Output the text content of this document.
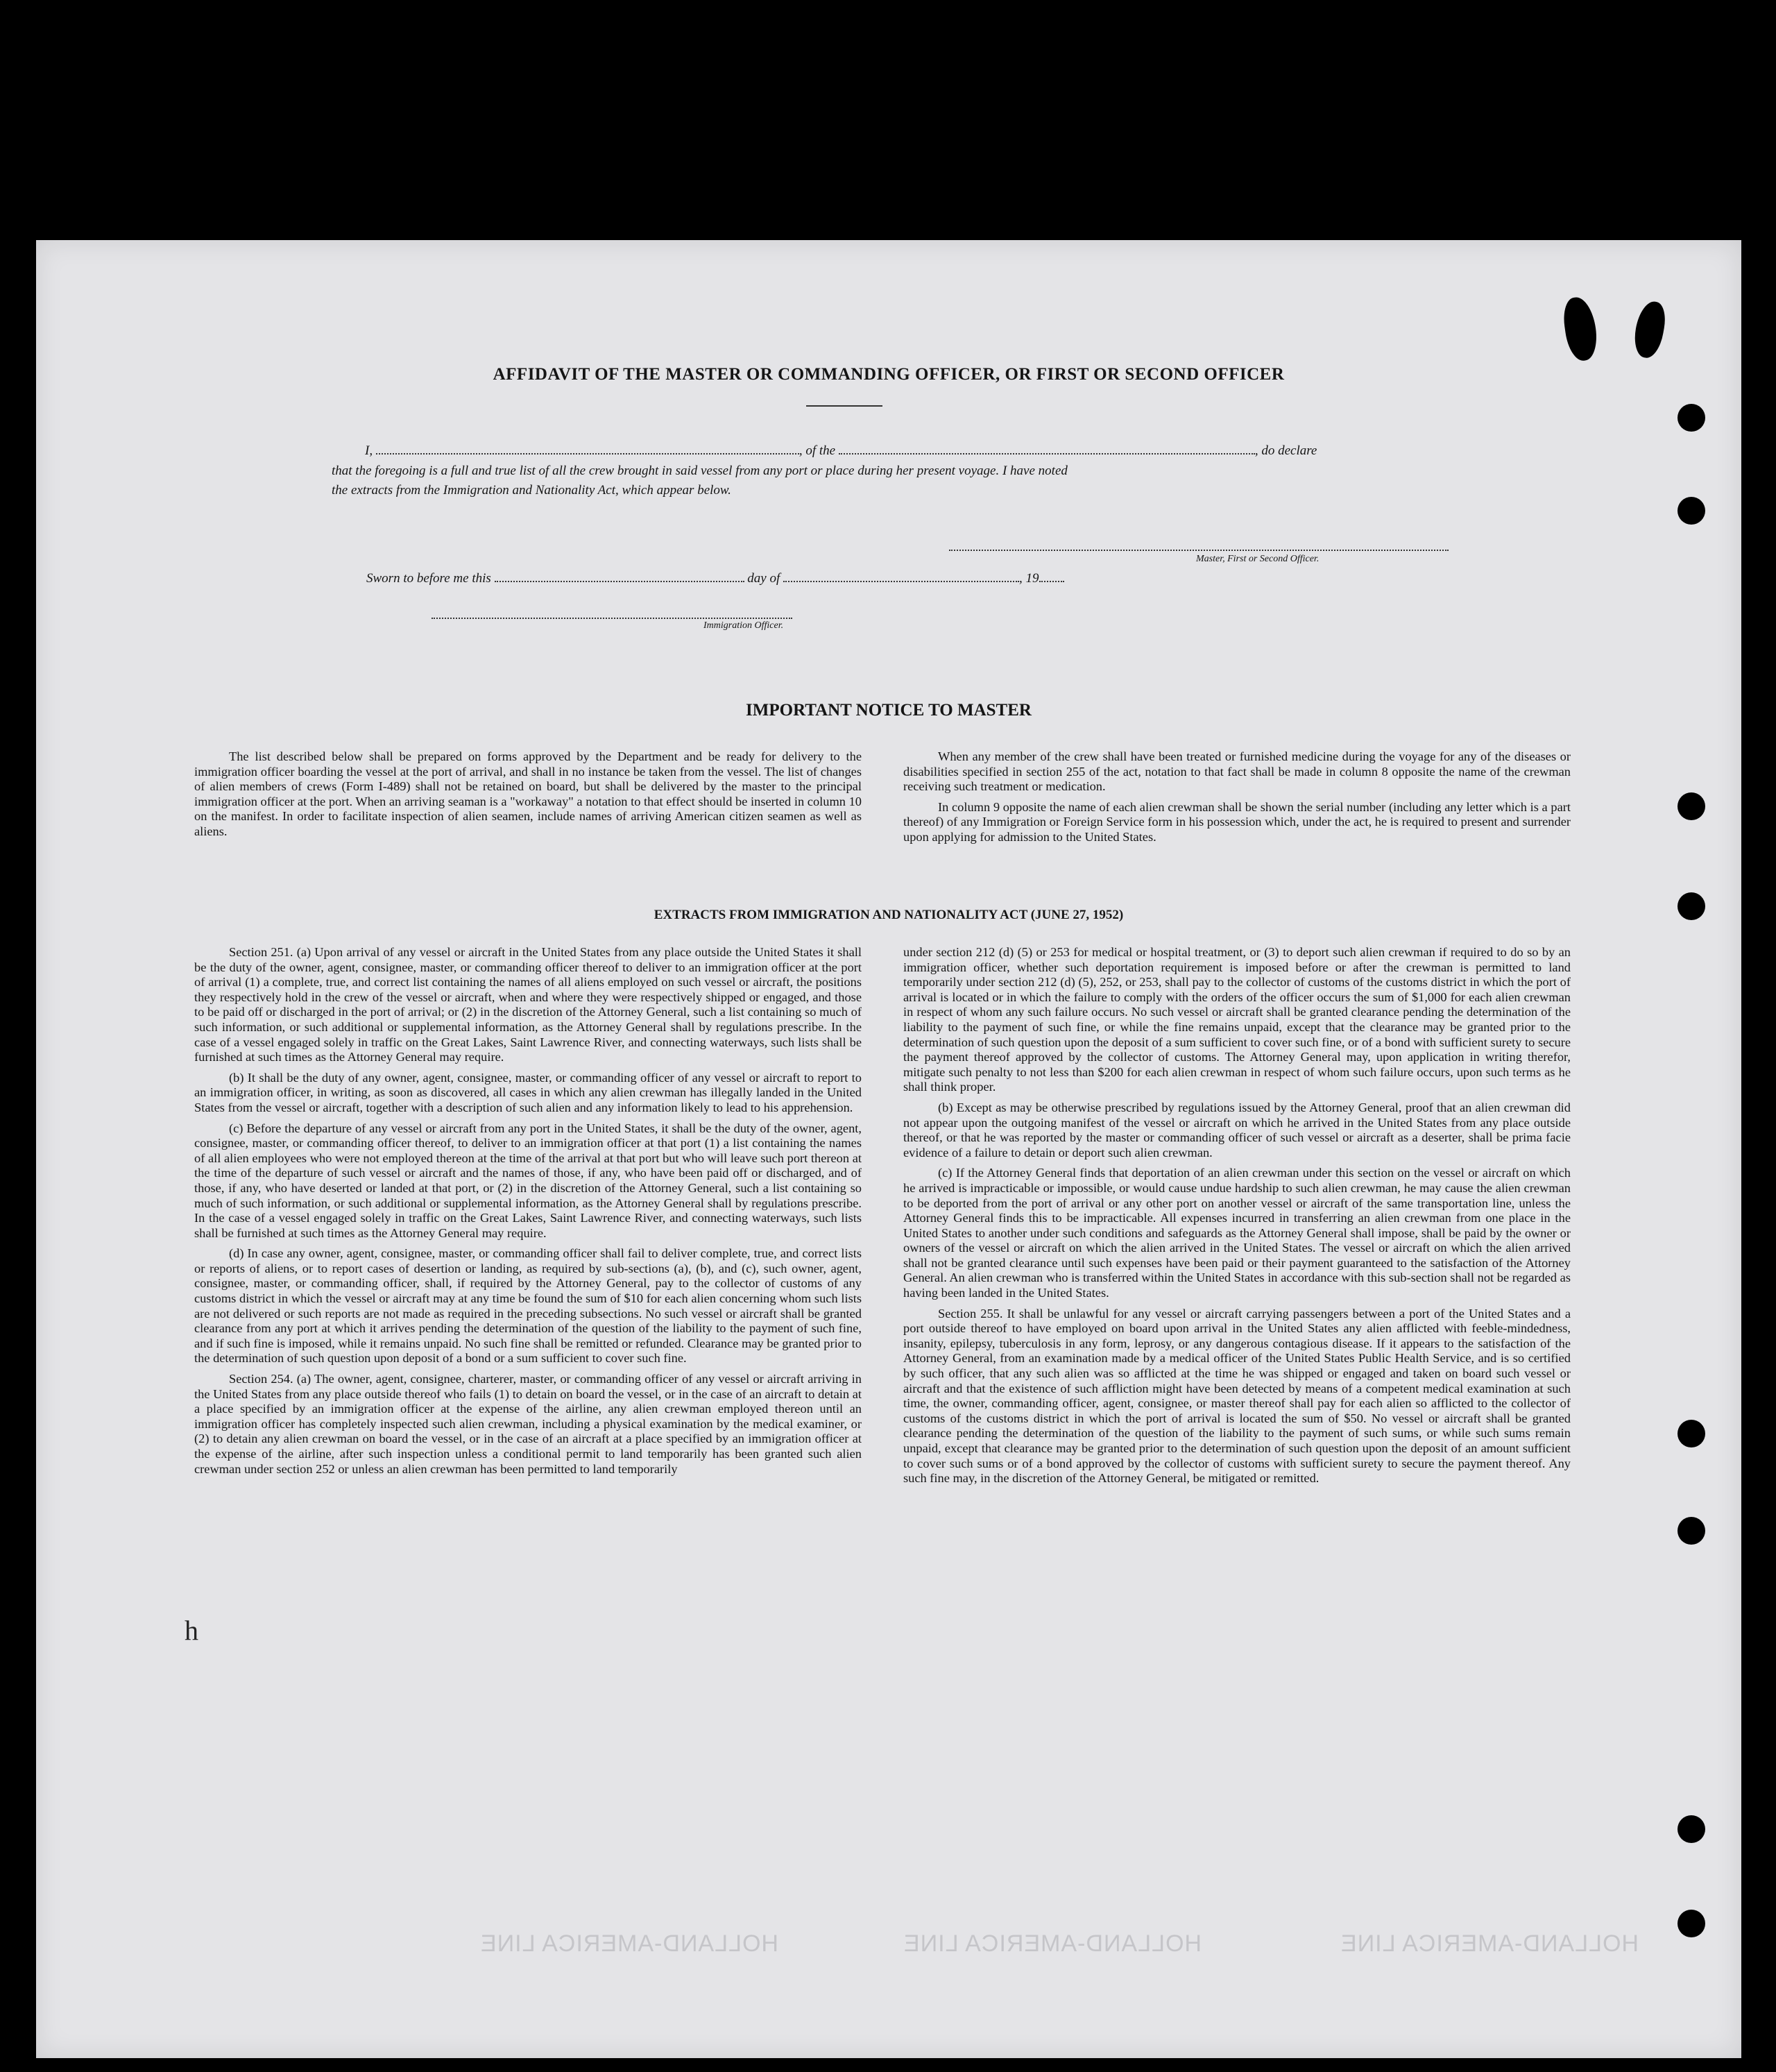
AFFIDAVIT OF THE MASTER OR COMMANDING OFFICER, OR FIRST OR SECOND OFFICER
I,	, of the	, do declare
that the foregoing is a full and true list of all the crew brought in said vessel from any port or place during her present voyage. I have noted
the extracts from the Immigration and Nationality Act, which appear below.
Master, First or Second Officer.
Sworn to before me this	day of	, 19
Immigration Officer.
IMPORTANT NOTICE TO MASTER

The list described below shall be prepared on forms approved by the Department and be ready for delivery to the immigration officer boarding the vessel at the port of arrival, and shall in no instance be taken from the vessel. The list of changes of alien members of crews (Form I-489) shall not be retained on board, but shall be delivered by the master to the principal immigration officer at the port. When an arriving seaman is a "workaway" a notation to that effect should be inserted in column 10 on the manifest. In order to facilitate inspection of alien seamen, include names of arriving American citizen seamen as well as aliens.

When any member of the crew shall have been treated or furnished medicine during the voyage for any of the diseases or disabilities specified in section 255 of the act, notation to that fact shall be made in column 8 opposite the name of the crewman receiving such treatment or medication.

In column 9 opposite the name of each alien crewman shall be shown the serial number (including any letter which is a part thereof) of any Immigration or Foreign Service form in his possession which, under the act, he is required to present and surrender upon applying for admission to the United States.

EXTRACTS FROM IMMIGRATION AND NATIONALITY ACT (JUNE 27, 1952)

Section 251. (a) Upon arrival of any vessel or aircraft in the United States from any place outside the United States it shall be the duty of the owner, agent, consignee, master, or commanding officer thereof to deliver to an immigration officer at the port of arrival (1) a complete, true, and correct list containing the names of all aliens employed on such vessel or aircraft, the positions they respectively hold in the crew of the vessel or aircraft, when and where they were respectively shipped or engaged, and those to be paid off or discharged in the port of arrival; or (2) in the discretion of the Attorney General, such a list containing so much of such information, or such additional or supplemental information, as the Attorney General shall by regulations prescribe. In the case of a vessel engaged solely in traffic on the Great Lakes, Saint Lawrence River, and connecting waterways, such lists shall be furnished at such times as the Attorney General may require.

(b) It shall be the duty of any owner, agent, consignee, master, or commanding officer of any vessel or aircraft to report to an immigration officer, in writing, as soon as discovered, all cases in which any alien crewman has illegally landed in the United States from the vessel or aircraft, together with a description of such alien and any information likely to lead to his apprehension.

(c) Before the departure of any vessel or aircraft from any port in the United States, it shall be the duty of the owner, agent, consignee, master, or commanding officer thereof, to deliver to an immigration officer at that port (1) a list containing the names of all alien employees who were not employed thereon at the time of the arrival at that port but who will leave such port thereon at the time of the departure of such vessel or aircraft and the names of those, if any, who have been paid off or discharged, and of those, if any, who have deserted or landed at that port, or (2) in the discretion of the Attorney General, such a list containing so much of such information, or such additional or supplemental information, as the Attorney General shall by regulations prescribe. In the case of a vessel engaged solely in traffic on the Great Lakes, Saint Lawrence River, and connecting waterways, such lists shall be furnished at such times as the Attorney General may require.

(d) In case any owner, agent, consignee, master, or commanding officer shall fail to deliver complete, true, and correct lists or reports of aliens, or to report cases of desertion or landing, as required by sub-sections (a), (b), and (c), such owner, agent, consignee, master, or commanding officer, shall, if required by the Attorney General, pay to the collector of customs of any customs district in which the vessel or aircraft may at any time be found the sum of $10 for each alien concerning whom such lists are not delivered or such reports are not made as required in the preceding subsections. No such vessel or aircraft shall be granted clearance from any port at which it arrives pending the determination of the question of the liability to the payment of such fine, and if such fine is imposed, while it remains unpaid. No such fine shall be remitted or refunded. Clearance may be granted prior to the determination of such question upon deposit of a bond or a sum sufficient to cover such fine.

Section 254. (a) The owner, agent, consignee, charterer, master, or commanding officer of any vessel or aircraft arriving in the United States from any place outside thereof who fails (1) to detain on board the vessel, or in the case of an aircraft to detain at a place specified by an immigration officer at the expense of the airline, any alien crewman employed thereon until an immigration officer has completely inspected such alien crewman, including a physical examination by the medical examiner, or (2) to detain any alien crewman on board the vessel, or in the case of an aircraft at a place specified by an immigration officer at the expense of the airline, after such inspection unless a conditional permit to land temporarily has been granted such alien crewman under section 252 or unless an alien crewman has been permitted to land temporarily

under section 212 (d) (5) or 253 for medical or hospital treatment, or (3) to deport such alien crewman if required to do so by an immigration officer, whether such deportation requirement is imposed before or after the crewman is permitted to land temporarily under section 212 (d) (5), 252, or 253, shall pay to the collector of customs of the customs district in which the port of arrival is located or in which the failure to comply with the orders of the officer occurs the sum of $1,000 for each alien crewman in respect of whom any such failure occurs. No such vessel or aircraft shall be granted clearance pending the determination of the liability to the payment of such fine, or while the fine remains unpaid, except that the clearance may be granted prior to the determination of such question upon the deposit of a sum sufficient to cover such fine, or of a bond with sufficient surety to secure the payment thereof approved by the collector of customs. The Attorney General may, upon application in writing therefor, mitigate such penalty to not less than $200 for each alien crewman in respect of whom such failure occurs, upon such terms as he shall think proper.

(b) Except as may be otherwise prescribed by regulations issued by the Attorney General, proof that an alien crewman did not appear upon the outgoing manifest of the vessel or aircraft on which he arrived in the United States from any place outside thereof, or that he was reported by the master or commanding officer of such vessel or aircraft as a deserter, shall be prima facie evidence of a failure to detain or deport such alien crewman.

(c) If the Attorney General finds that deportation of an alien crewman under this section on the vessel or aircraft on which he arrived is impracticable or impossible, or would cause undue hardship to such alien crewman, he may cause the alien crewman to be deported from the port of arrival or any other port on another vessel or aircraft of the same transportation line, unless the Attorney General finds this to be impracticable. All expenses incurred in transferring an alien crewman from one place in the United States to another under such conditions and safeguards as the Attorney General shall impose, shall be paid by the owner or owners of the vessel or aircraft on which the alien arrived in the United States. The vessel or aircraft on which the alien arrived shall not be granted clearance until such expenses have been paid or their payment guaranteed to the satisfaction of the Attorney General. An alien crewman who is transferred within the United States in accordance with this sub-section shall not be regarded as having been landed in the United States.

Section 255. It shall be unlawful for any vessel or aircraft carrying passengers between a port of the United States and a port outside thereof to have employed on board upon arrival in the United States any alien afflicted with feeble-mindedness, insanity, epilepsy, tuberculosis in any form, leprosy, or any dangerous contagious disease. If it appears to the satisfaction of the Attorney General, from an examination made by a medical officer of the United States Public Health Service, and is so certified by such officer, that any such alien was so afflicted at the time he was shipped or engaged and taken on board such vessel or aircraft and that the existence of such affliction might have been detected by means of a competent medical examination at such time, the owner, commanding officer, agent, consignee, or master thereof shall pay for each alien so afflicted to the collector of customs of the customs district in which the port of arrival is located the sum of $50. No vessel or aircraft shall be granted clearance pending the determination of the question of the liability to the payment of such sums, or while such sums remain unpaid, except that clearance may be granted prior to the determination of such question upon the deposit of an amount sufficient to cover such sums or of a bond approved by the collector of customs with sufficient surety to secure the payment thereof. Any such fine may, in the discretion of the Attorney General, be mitigated or remitted.

h
HOLLAND-AMERICA LINE	HOLLAND-AMERICA LINE	HOLLAND-AMERICA LINE
